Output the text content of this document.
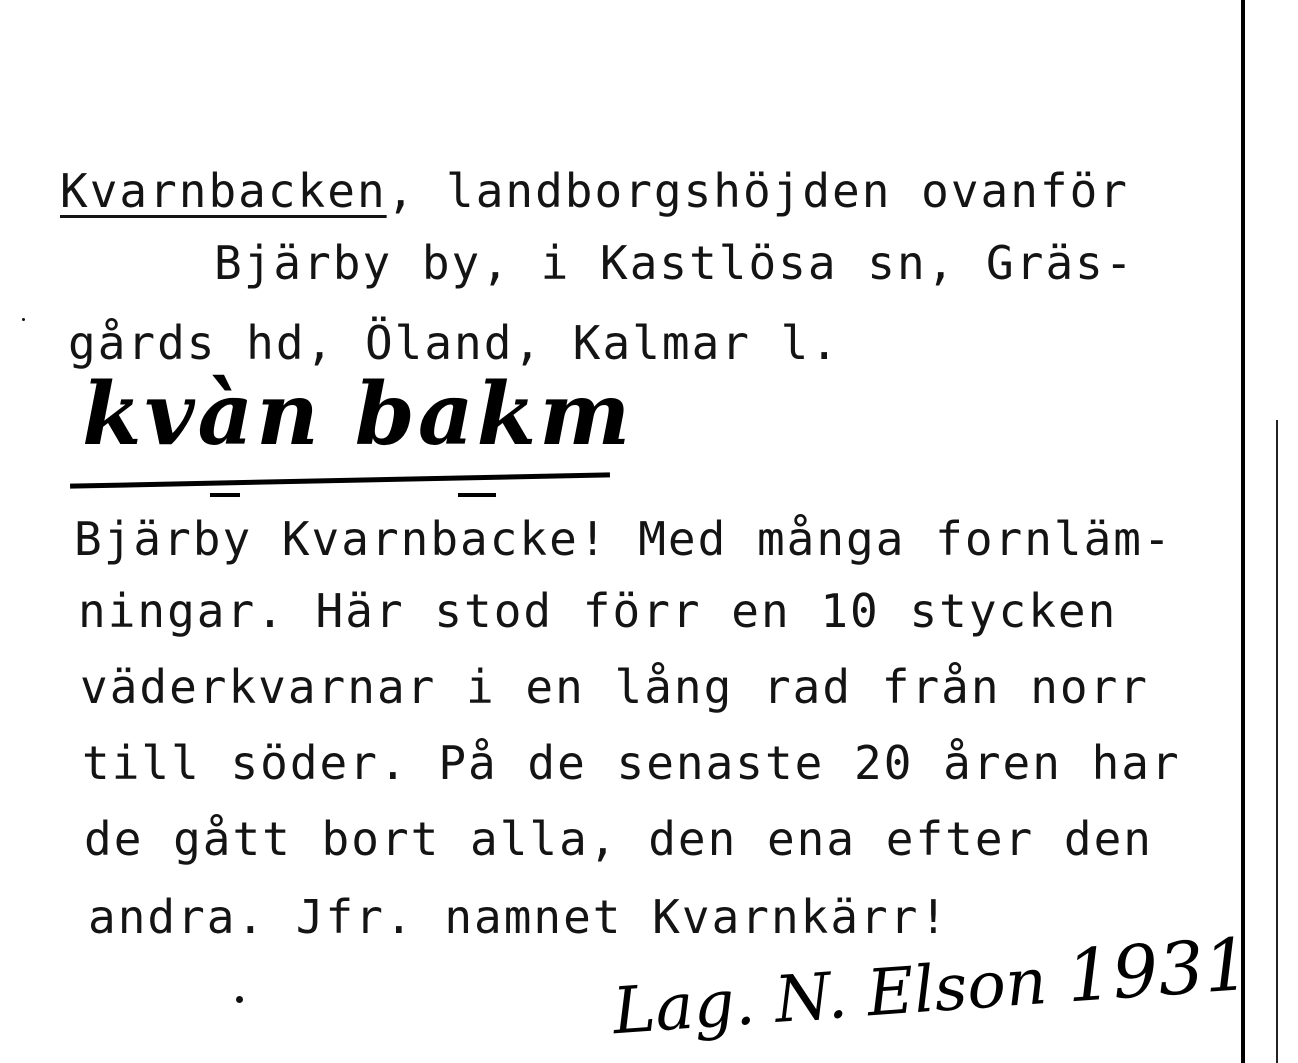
Kvarnbacken, landborgshöjden ovanför
Bjärby by, i Kastlösa sn, Gräs-
gårds hd, Öland, Kalmar l.
kvàn bakm
Bjärby Kvarnbacke! Med många fornläm-
ningar. Här stod förr en 10 stycken
väderkvarnar i en lång rad från norr
till söder. På de senaste 20 åren har
de gått bort alla, den ena efter den
andra. Jfr. namnet Kvarnkärr!
Lag. N. Elson 1931
